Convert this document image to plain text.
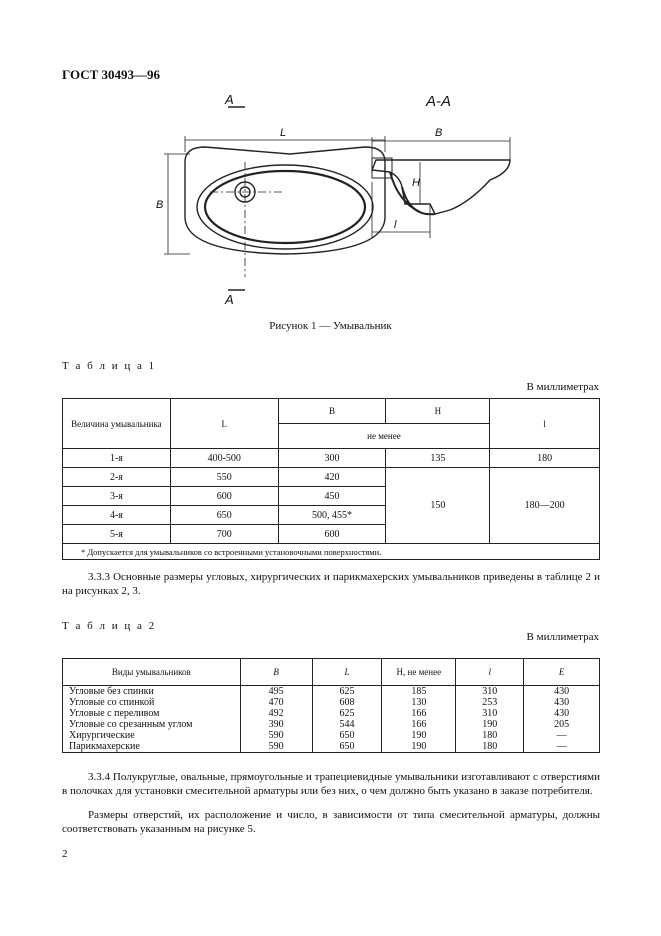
ГОСТ 30493—96
A
A
А-А
L
B
B
H
l
Рисунок 1 — Умывальник
Т а б л и ц а 1
В миллиметрах
Величина умывальника	L	B	H	l
		не менее		
1-я	400-500	300	135	180
2-я	550	420	150	180—200
3-я	600	450		
4-я	650	500, 455*		
5-я	700	600		
* Допускается для умывальников со встроенными установочными поверхностями.				
3.3.3 Основные размеры угловых, хирургических и парикмахерских умывальников приведены в таблице 2 и на рисунках 2, 3.
Т а б л и ц а 2
В миллиметрах
Виды умывальников	B	L	H, не менее	l	E
Угловые без спинки	495	625	185	310	430
Угловые со спинкой	470	608	130	253	430
Угловые с переливом	492	625	166	310	430
Угловые со срезанным углом	390	544	166	190	205
Хирургические	590	650	190	180	—
Парикмахерские	590	650	190	180	—
3.3.4 Полукруглые, овальные, прямоугольные и трапециевидные умывальники изготавливают с отверстиями в полочках для установки смесительной арматуры или без них, о чем должно быть указано в заказе потребителя.
Размеры отверстий, их расположение и число, в зависимости от типа смесительной арматуры, должны соответствовать указанным на рисунке 5.
2
